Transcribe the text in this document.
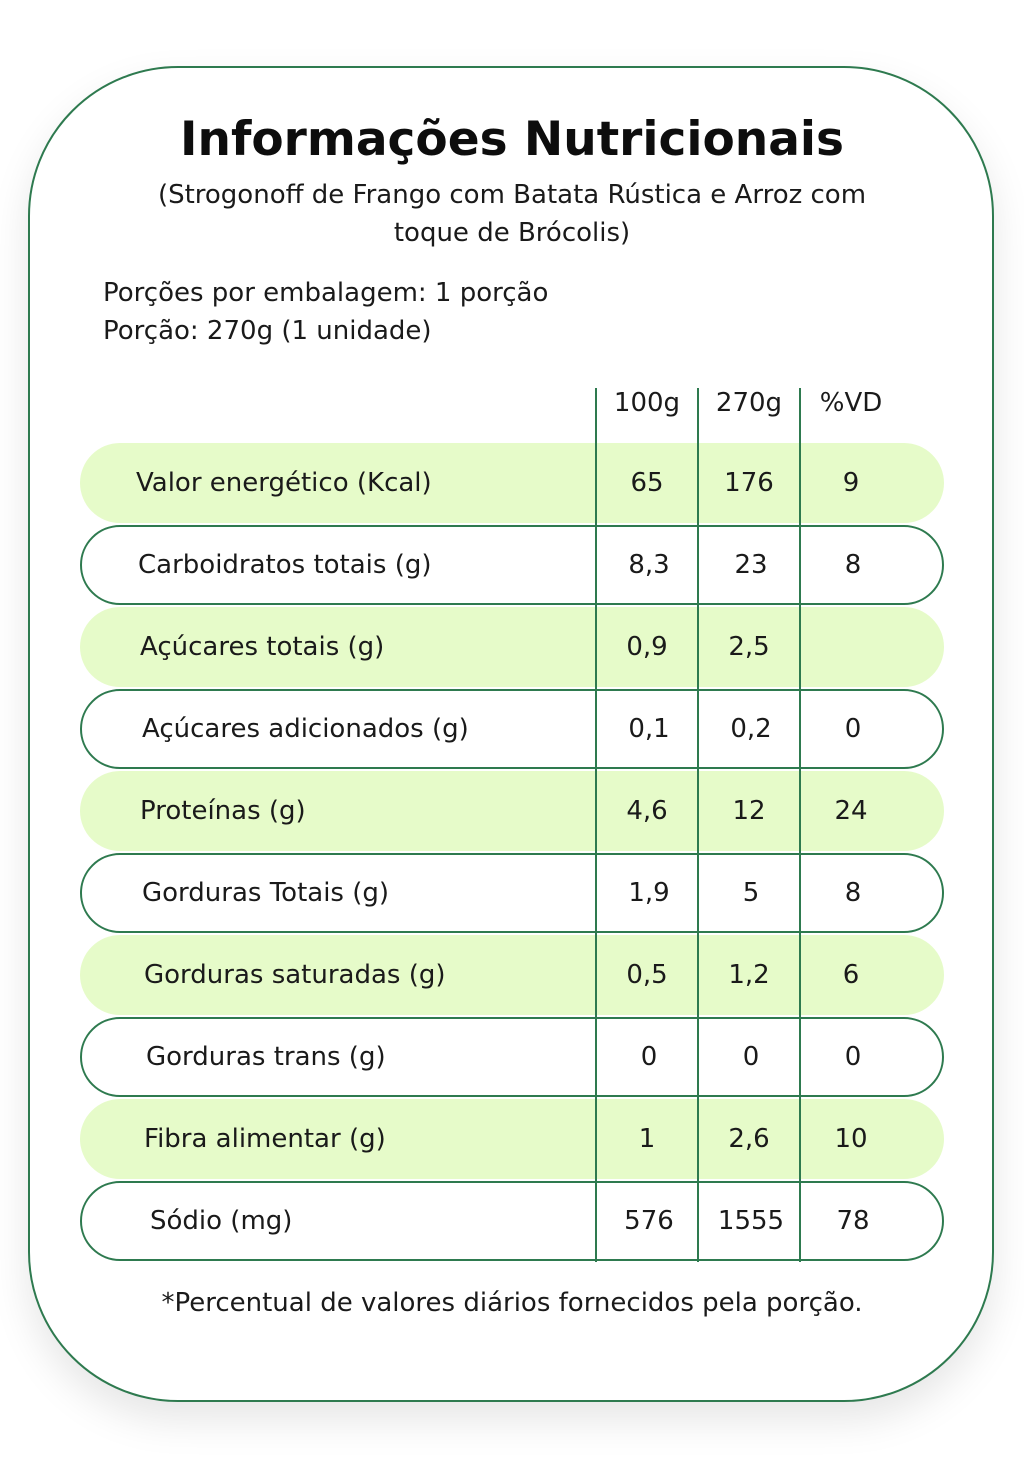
Informações Nutricionais
(Strogonoff de Frango com Batata Rústica e Arroz com
toque de Brócolis)
Porções por embalagem: 1 porção
Porção: 270g (1 unidade)
100g	270g	%VD
Valor energético (Kcal)	65	176	9
Carboidratos totais (g)	8,3	23	8
Açúcares totais (g)	0,9	2,5
Açúcares adicionados (g)	0,1	0,2	0
Proteínas (g)	4,6	12	24
Gorduras Totais (g)	1,9	5	8
Gorduras saturadas (g)	0,5	1,2	6
Gorduras trans (g)	0	0	0
Fibra alimentar (g)	1	2,6	10
Sódio (mg)	576	1555	78
*Percentual de valores diários fornecidos pela porção.
